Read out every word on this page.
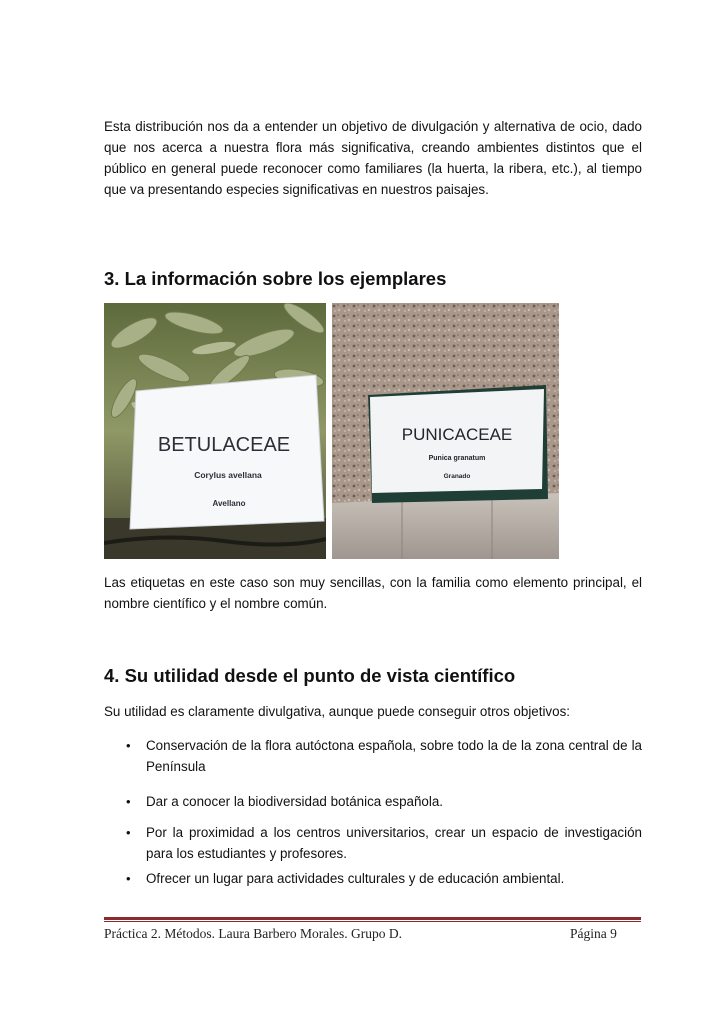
Esta distribución nos da a entender un objetivo de divulgación y alternativa de ocio, dado que nos acerca a nuestra flora más significativa, creando ambientes distintos que el público en general puede reconocer como familiares (la huerta, la ribera, etc.), al tiempo que va presentando especies significativas en nuestros paisajes.

3. La información sobre los ejemplares
BETULACEAE
Corylus avellana
Avellano
PUNICACEAE
Punica granatum
Granado

Las etiquetas en este caso son muy sencillas, con la familia como elemento principal, el nombre científico y el nombre común.

4. Su utilidad desde el punto de vista científico

Su utilidad es claramente divulgativa, aunque puede conseguir otros objetivos:

• Conservación de la flora autóctona española, sobre todo la de la zona central de la Península
• Dar a conocer la biodiversidad botánica española.
• Por la proximidad a los centros universitarios, crear un espacio de investigación para los estudiantes y profesores.
• Ofrecer un lugar para actividades culturales y de educación ambiental.
Práctica 2. Métodos. Laura Barbero Morales. Grupo D.	Página 9
